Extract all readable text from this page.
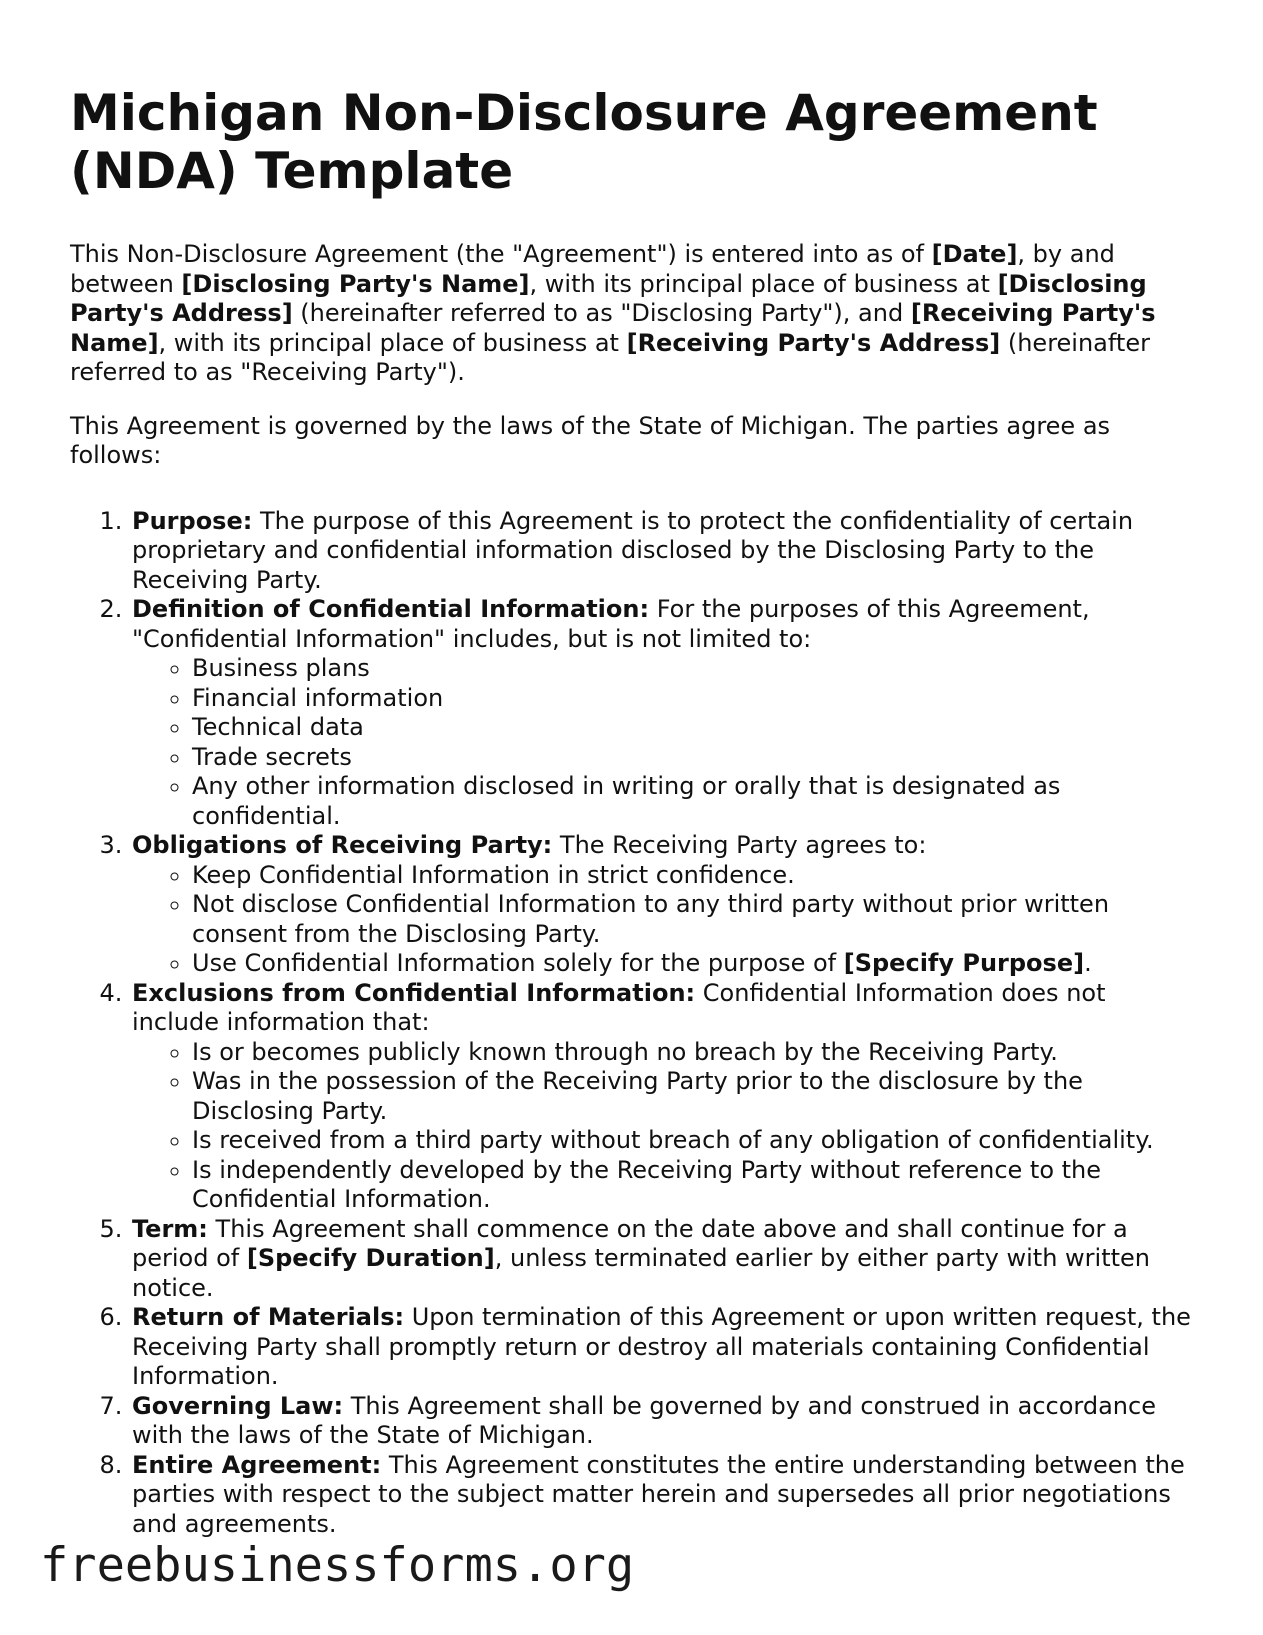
Michigan Non-Disclosure Agreement (NDA) Template

This Non-Disclosure Agreement (the "Agreement") is entered into as of [Date], by and between [Disclosing Party's Name], with its principal place of business at [Disclosing Party's Address] (hereinafter referred to as "Disclosing Party"), and [Receiving Party's Name], with its principal place of business at [Receiving Party's Address] (hereinafter referred to as "Receiving Party").

This Agreement is governed by the laws of the State of Michigan. The parties agree as follows:

1. Purpose: The purpose of this Agreement is to protect the confidentiality of certain proprietary and confidential information disclosed by the Disclosing Party to the Receiving Party.
2. Definition of Confidential Information: For the purposes of this Agreement, "Confidential Information" includes, but is not limited to:
◦ Business plans
◦ Financial information
◦ Technical data
◦ Trade secrets
◦ Any other information disclosed in writing or orally that is designated as confidential.
3. Obligations of Receiving Party: The Receiving Party agrees to:
◦ Keep Confidential Information in strict confidence.
◦ Not disclose Confidential Information to any third party without prior written consent from the Disclosing Party.
◦ Use Confidential Information solely for the purpose of [Specify Purpose].
4. Exclusions from Confidential Information: Confidential Information does not include information that:
◦ Is or becomes publicly known through no breach by the Receiving Party.
◦ Was in the possession of the Receiving Party prior to the disclosure by the Disclosing Party.
◦ Is received from a third party without breach of any obligation of confidentiality.
◦ Is independently developed by the Receiving Party without reference to the Confidential Information.
5. Term: This Agreement shall commence on the date above and shall continue for a period of [Specify Duration], unless terminated earlier by either party with written notice.
6. Return of Materials: Upon termination of this Agreement or upon written request, the Receiving Party shall promptly return or destroy all materials containing Confidential Information.
7. Governing Law: This Agreement shall be governed by and construed in accordance with the laws of the State of Michigan.
8. Entire Agreement: This Agreement constitutes the entire understanding between the parties with respect to the subject matter herein and supersedes all prior negotiations and agreements.
freebusinessforms.org
